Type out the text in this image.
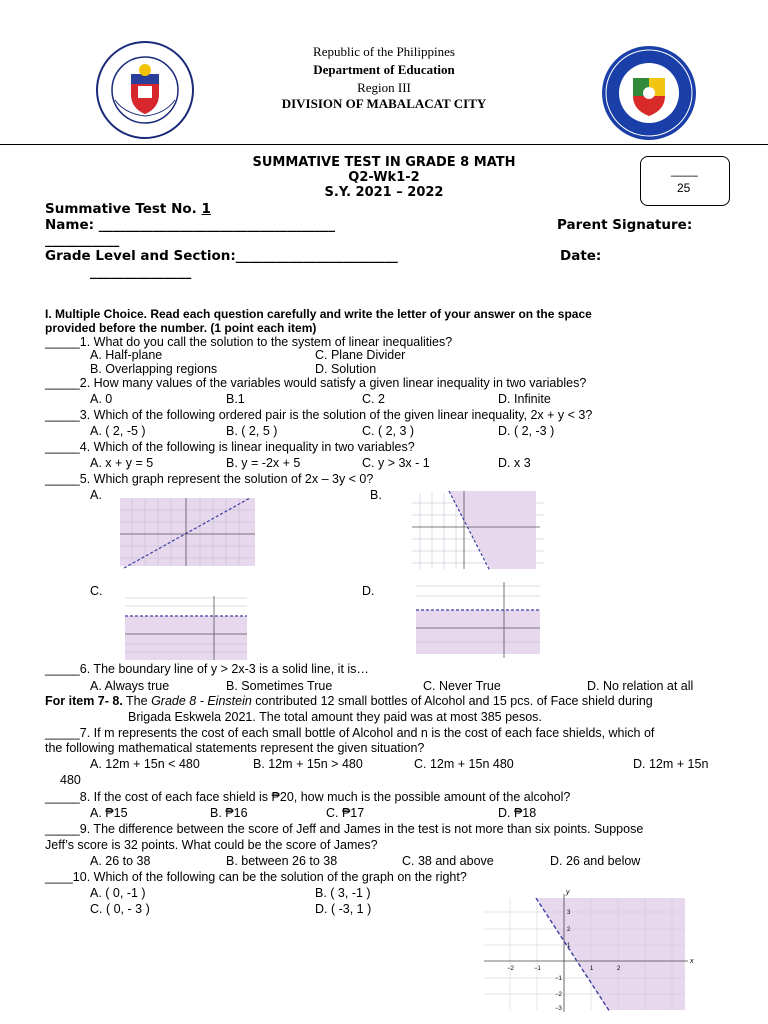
Republic of the Philippines
Department of Education
Region III
DIVISION OF MABALACAT CITY
SUMMATIVE TEST IN GRADE 8 MATH
Q2-Wk1-2
S.Y. 2021 – 2022
____
25
Summative Test No. 1
Name: ___________________________________	Parent Signature:
___________
Grade Level and Section:________________________	Date:
_______________
I. Multiple Choice. Read each question carefully and write the letter of your answer on the space
provided before the number. (1 point each item)
_____1. What do you call the solution to the system of linear inequalities?
A. Half-plane	C. Plane Divider
B. Overlapping regions	D. Solution
_____2. How many values of the variables would satisfy a given linear inequality in two variables?
A. 0	B.1	C. 2	D. Infinite
_____3. Which of the following ordered pair is the solution of the given linear inequality, 2x + y < 3?
A. ( 2, -5 )	B. ( 2, 5 )	C. ( 2, 3 )	D. ( 2, -3 )
_____4. Which of the following is linear inequality in two variables?
A. x + y = 5	B. y = -2x + 5	C. y > 3x - 1	D. x 3
_____5. Which graph represent the solution of 2x – 3y < 0?
A.	B.
C.	D.
_____6. The boundary line of y > 2x-3 is a solid line, it is…
A. Always true	B. Sometimes True	C. Never True	D. No relation at all
For item 7- 8. The Grade 8 - Einstein contributed 12 small bottles of Alcohol and 15 pcs. of Face shield during
Brigada Eskwela 2021. The total amount they paid was at most 385 pesos.
_____7. If m represents the cost of each small bottle of Alcohol and n is the cost of each face shields, which of
the following mathematical statements represent the given situation?
A. 12m + 15n < 480	B. 12m + 15n > 480	C. 12m + 15n 480	D. 12m + 15n
480
_____8. If the cost of each face shield is ₱20, how much is the possible amount of the alcohol?
A. ₱15	B. ₱16	C. ₱17	D. ₱18
_____9. The difference between the score of Jeff and James in the test is not more than six points. Suppose
Jeff’s score is 32 points. What could be the score of James?
A. 26 to 38	B. between 26 to 38	C. 38 and above	D. 26 and below
____10. Which of the following can be the solution of the graph on the right?
A. ( 0, -1 )	B. ( 3, -1 )
C. ( 0, - 3 )	D. ( -3, 1 )
y
x
−2	−1	1	2
3
2
1
−1
−2
−3
